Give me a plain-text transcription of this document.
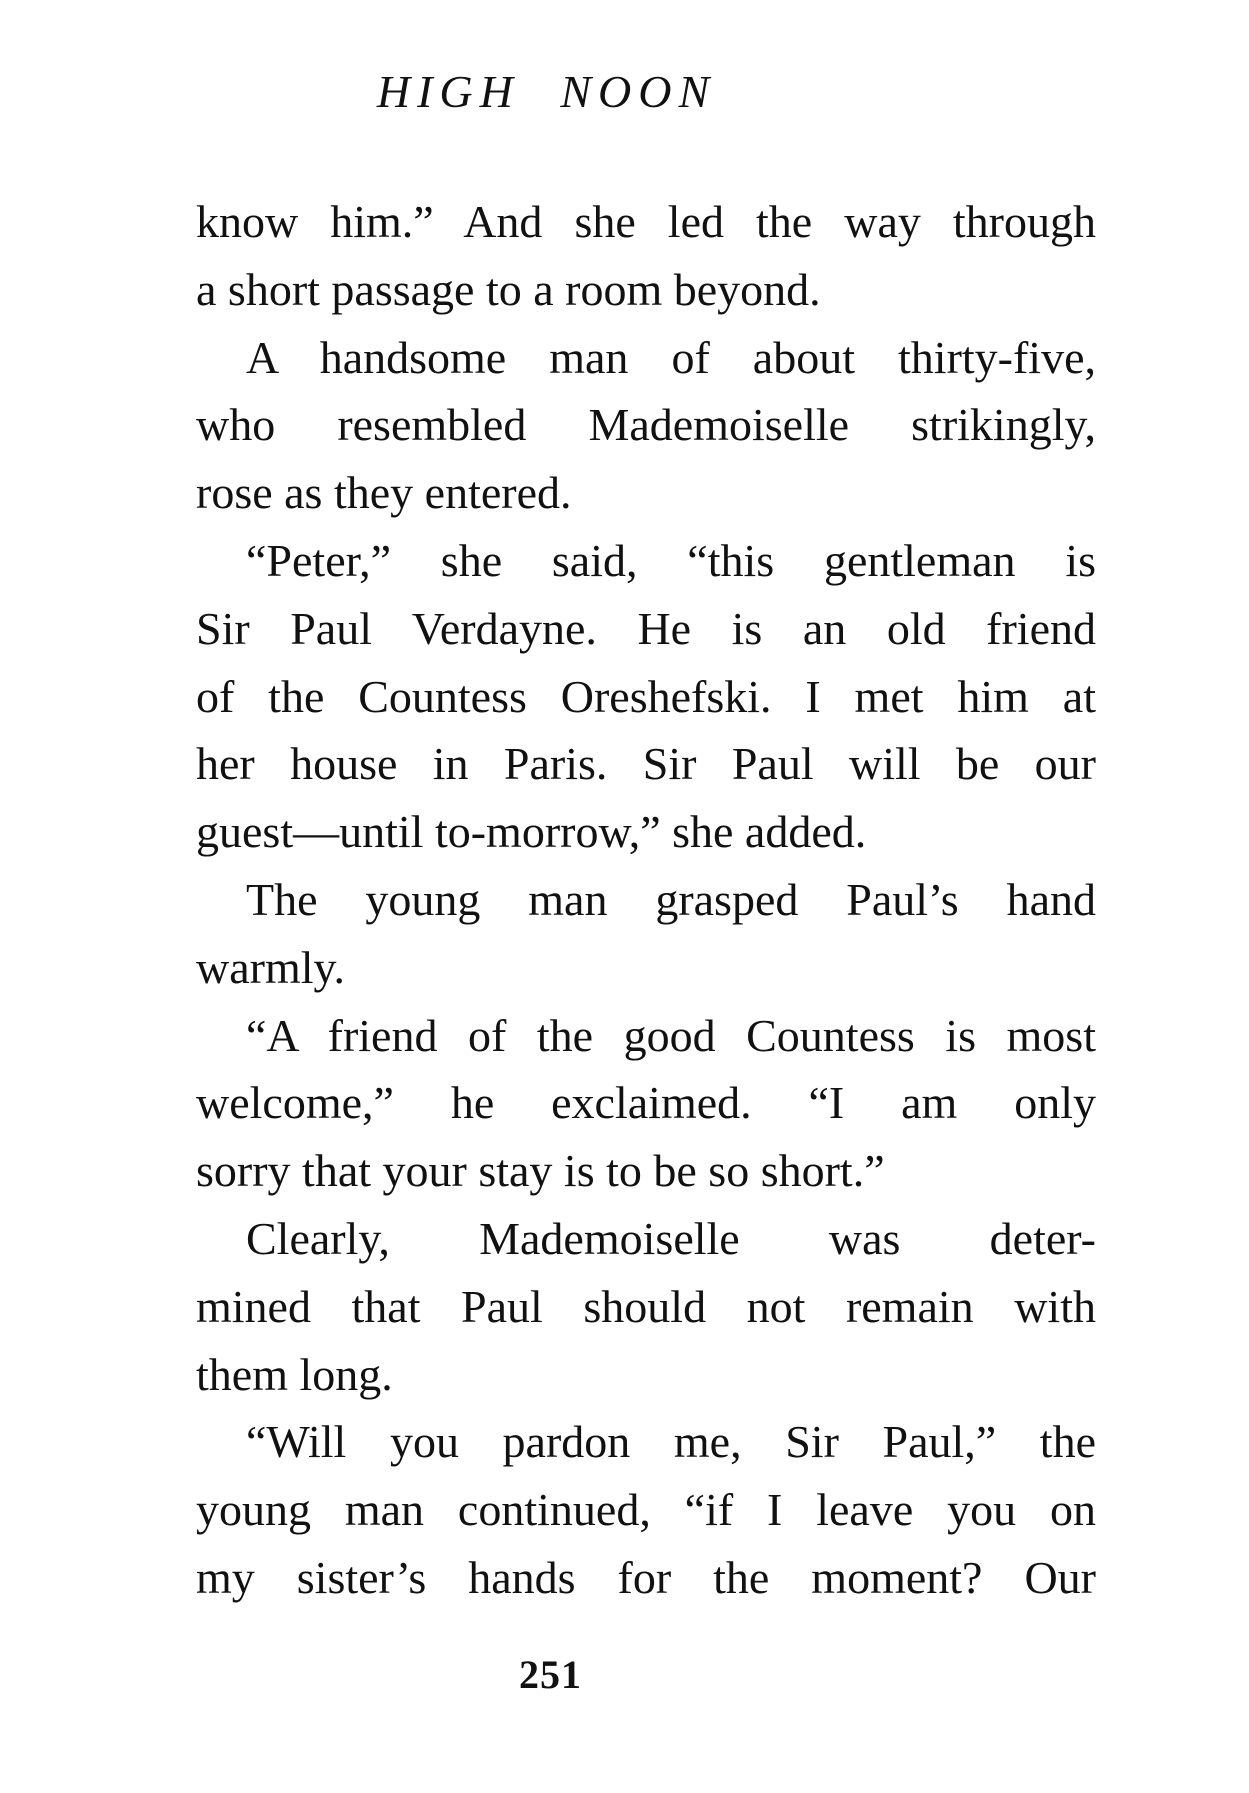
HIGH NOON
know him.” And she led the way through
a short passage to a room beyond.
A handsome man of about thirty-five,
who resembled Mademoiselle strikingly,
rose as they entered.
“Peter,” she said, “this gentleman is
Sir Paul Verdayne. He is an old friend
of the Countess Oreshefski. I met him at
her house in Paris. Sir Paul will be our
guest—until to-morrow,” she added.
The young man grasped Paul’s hand
warmly.
“A friend of the good Countess is most
welcome,” he exclaimed. “I am only
sorry that your stay is to be so short.”
Clearly, Mademoiselle was deter-
mined that Paul should not remain with
them long.
“Will you pardon me, Sir Paul,” the
young man continued, “if I leave you on
my sister’s hands for the moment? Our
251
